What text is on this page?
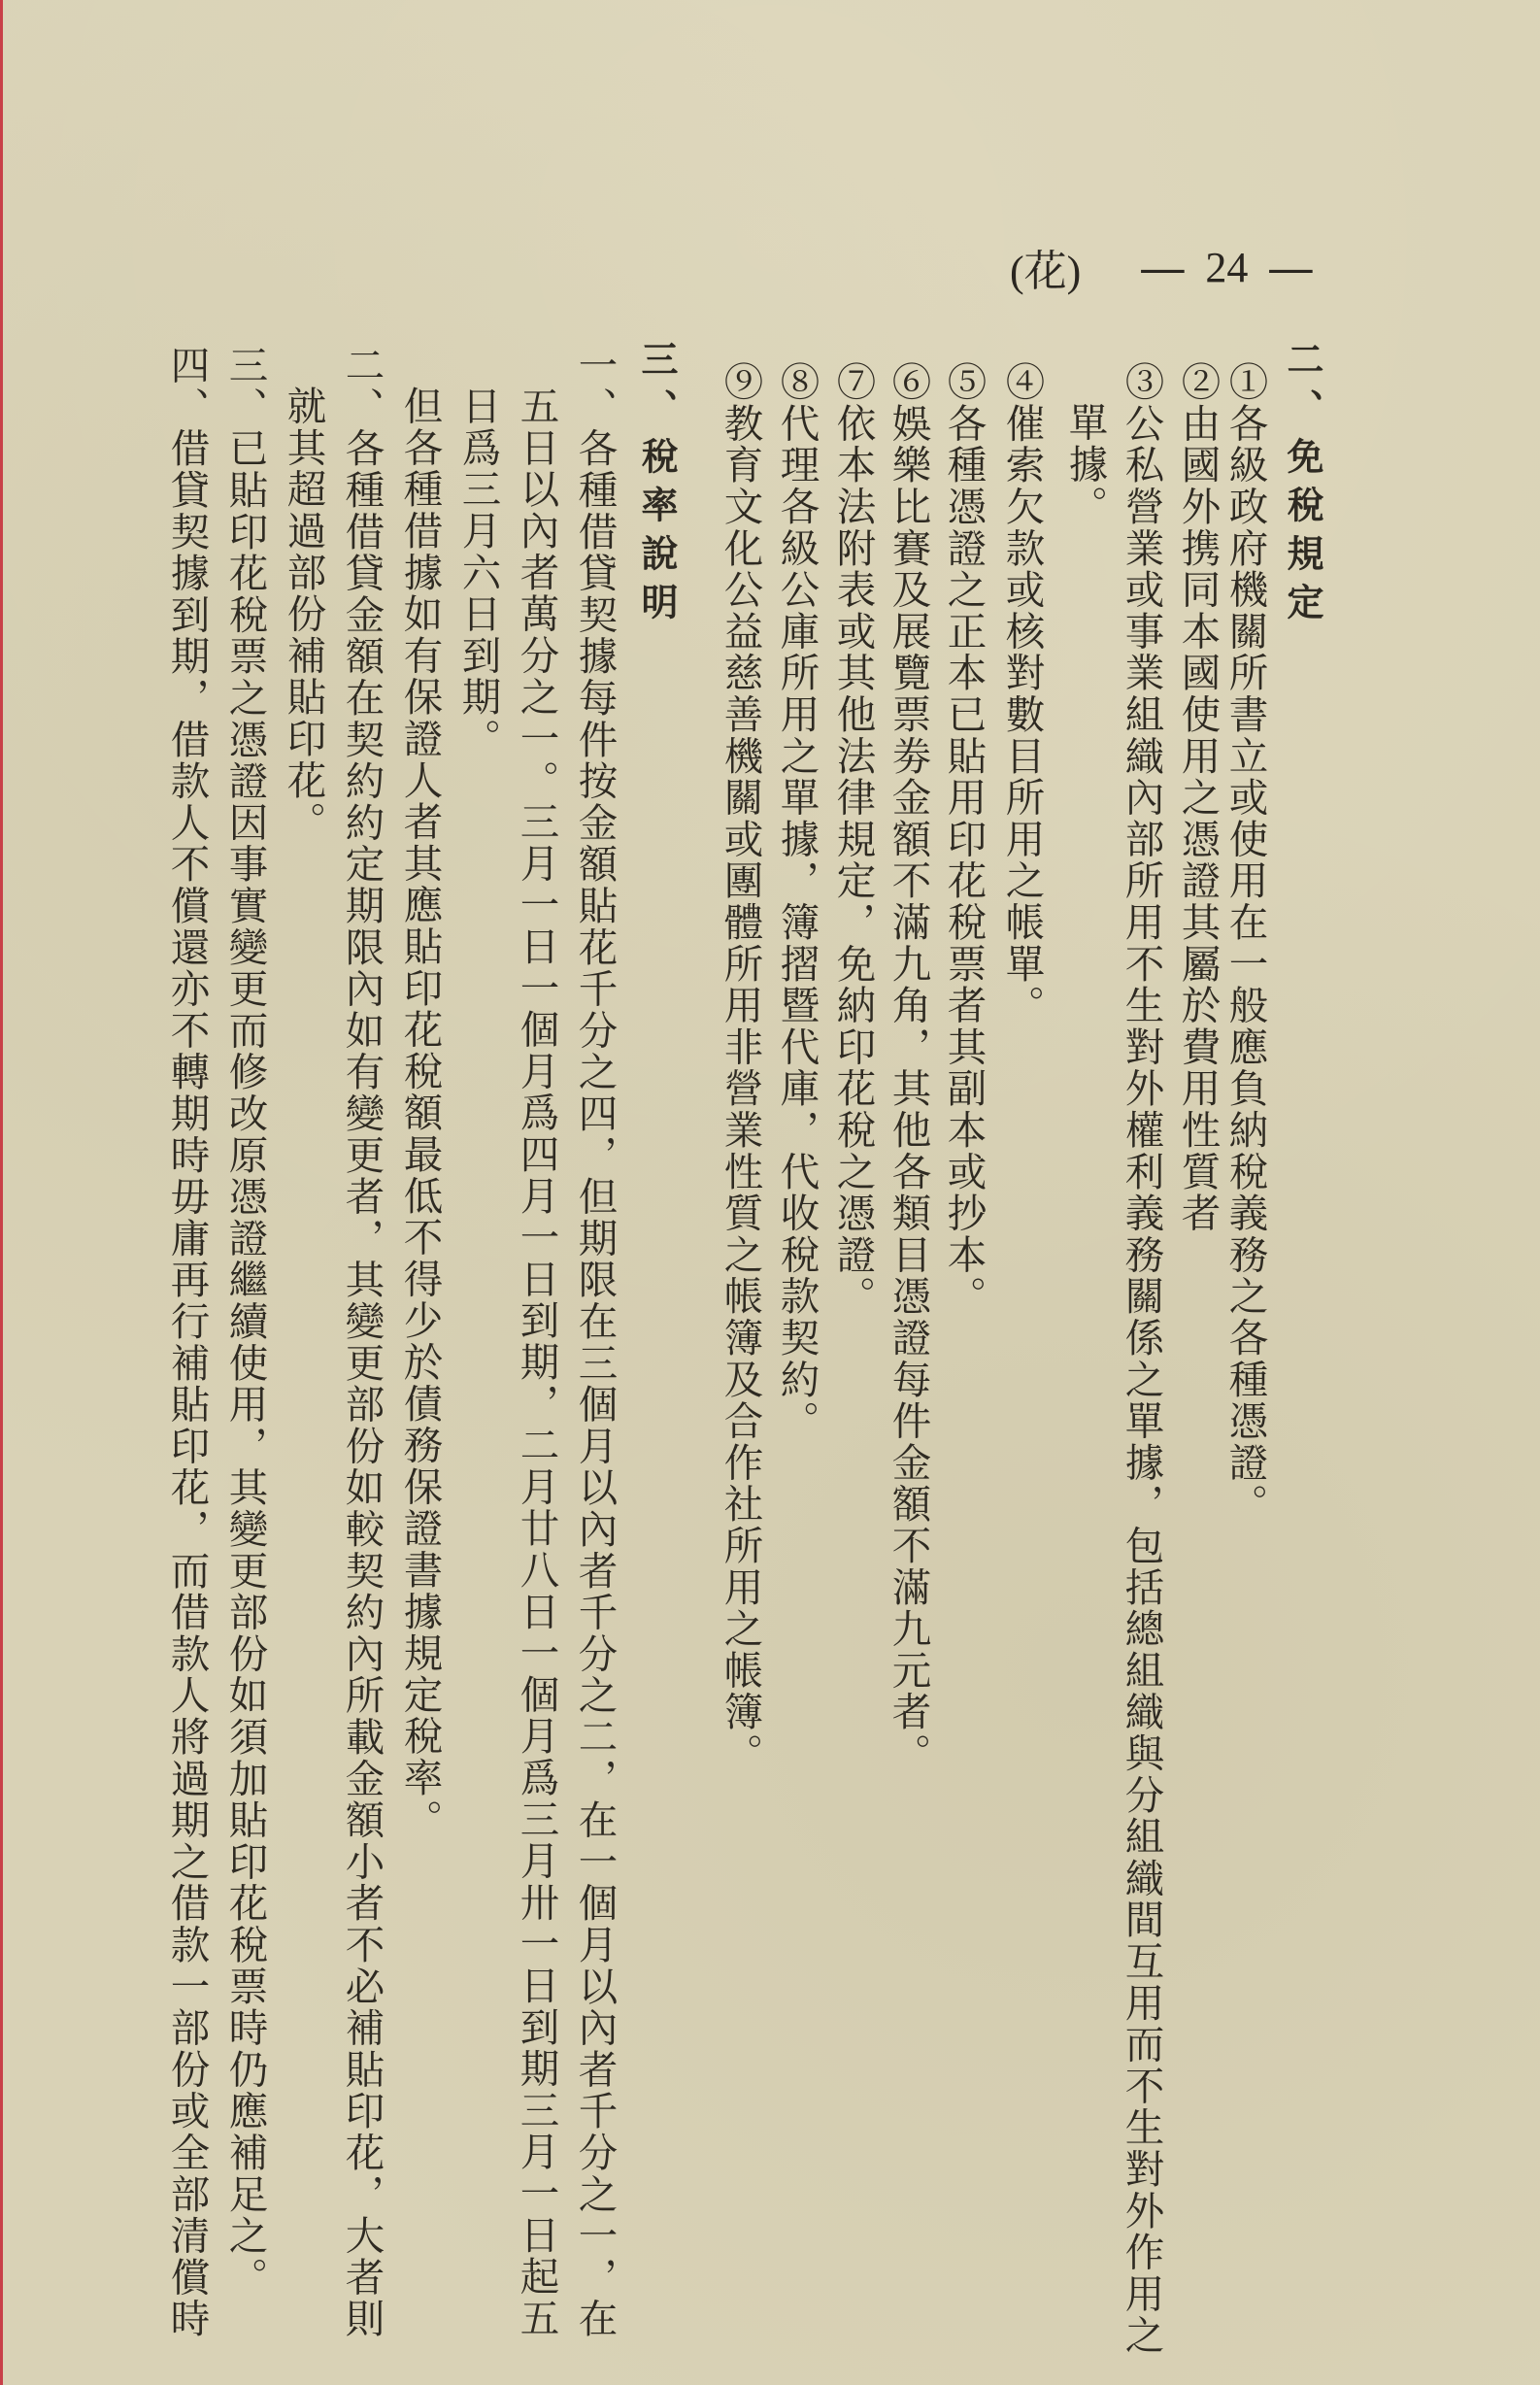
(花) — 24 —
二、免稅規定
①各級政府機關所書立或使用在一般應負納稅義務之各種憑證。
②由國外携同本國使用之憑證其屬於費用性質者
③公私營業或事業組織內部所用不生對外權利義務關係之單據，包括總組織與分組織間互用而不生對外作用之
單據。
④催索欠款或核對數目所用之帳單。
⑤各種憑證之正本已貼用印花稅票者其副本或抄本。
⑥娛樂比賽及展覽票劵金額不滿九角，其他各類目憑證每件金額不滿九元者。
⑦依本法附表或其他法律規定，免納印花稅之憑證。
⑧代理各級公庫所用之單據，簿摺暨代庫，代收稅款契約。
⑨教育文化公益慈善機關或團體所用非營業性質之帳簿及合作社所用之帳簿。
三、稅率說明
一、各種借貸契據每件按金額貼花千分之四，但期限在三個月以內者千分之二，在一個月以內者千分之一，在
五日以內者萬分之一。三月一日一個月爲四月一日到期，二月廿八日一個月爲三月卅一日到期三月一日起五
日爲三月六日到期。
但各種借據如有保證人者其應貼印花稅額最低不得少於債務保證書據規定稅率。
二、各種借貸金額在契約約定期限內如有變更者，其變更部份如較契約內所載金額小者不必補貼印花，大者則
就其超過部份補貼印花。
三、已貼印花稅票之憑證因事實變更而修改原憑證繼續使用，其變更部份如須加貼印花稅票時仍應補足之。
四、借貸契據到期，借款人不償還亦不轉期時毋庸再行補貼印花，而借款人將過期之借款一部份或全部清償時
